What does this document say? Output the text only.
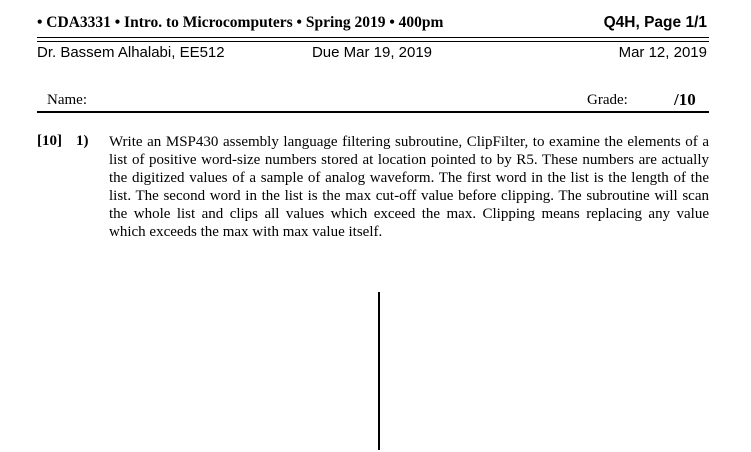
• CDA3331 • Intro. to Microcomputers • Spring 2019 • 400pm	Q4H, Page 1/1
Dr. Bassem Alhalabi, EE512	Due Mar 19, 2019	Mar 12, 2019
Name:	Grade:	/10
[10] 1) Write an MSP430 assembly language filtering subroutine, ClipFilter, to examine the elements of a list of positive word-size numbers stored at location pointed to by R5. These numbers are actually the digitized values of a sample of analog waveform. The first word in the list is the length of the list. The second word in the list is the max cut-off value before clipping. The subroutine will scan the whole list and clips all values which exceed the max. Clipping means replacing any value which exceeds the max with max value itself.
